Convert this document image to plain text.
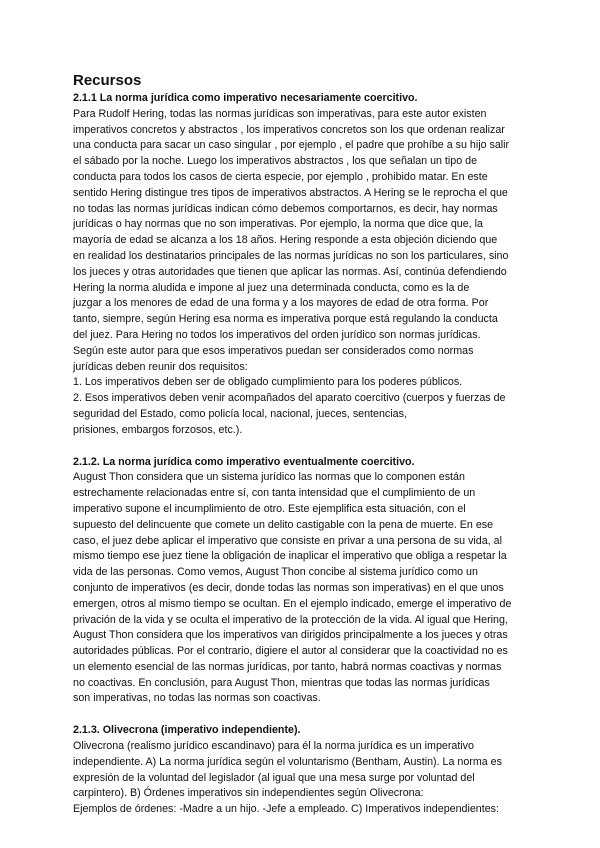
Recursos
2.1.1 La norma jurídica como imperativo necesariamente coercitivo.
Para Rudolf Hering, todas las normas jurídicas son imperativas, para este autor existen
imperativos concretos y abstractos , los imperativos concretos son los que ordenan realizar
una conducta para sacar un caso singular , por ejemplo , el padre que prohíbe a su hijo salir
el sábado por la noche. Luego los imperativos abstractos , los que señalan un tipo de
conducta para todos los casos de cierta especie, por ejemplo , prohibido matar. En este
sentido Hering distingue tres tipos de imperativos abstractos. A Hering se le reprocha el que
no todas las normas jurídicas indican cómo debemos comportarnos, es decir, hay normas
jurídicas o hay normas que no son imperativas. Por ejemplo, la norma que dice que, la
mayoría de edad se alcanza a los 18 años. Hering responde a esta objeción diciendo que
en realidad los destinatarios principales de las normas jurídicas no son los particulares, sino
los jueces y otras autoridades que tienen que aplicar las normas. Así, continúa defendiendo
Hering la norma aludida e impone al juez una determinada conducta, como es la de
juzgar a los menores de edad de una forma y a los mayores de edad de otra forma. Por
tanto, siempre, según Hering esa norma es imperativa porque está regulando la conducta
del juez. Para Hering no todos los imperativos del orden jurídico son normas jurídicas.
Según este autor para que esos imperativos puedan ser considerados como normas
jurídicas deben reunir dos requisitos:
1. Los imperativos deben ser de obligado cumplimiento para los poderes públicos.
2. Esos imperativos deben venir acompañados del aparato coercitivo (cuerpos y fuerzas de
seguridad del Estado, como policía local, nacional, jueces, sentencias,
prisiones, embargos forzosos, etc.).
2.1.2. La norma jurídica como imperativo eventualmente coercitivo.
August Thon considera que un sistema jurídico las normas que lo componen están
estrechamente relacionadas entre sí, con tanta intensidad que el cumplimiento de un
imperativo supone el incumplimiento de otro. Este ejemplifica esta situación, con el
supuesto del delincuente que comete un delito castigable con la pena de muerte. En ese
caso, el juez debe aplicar el imperativo que consiste en privar a una persona de su vida, al
mismo tiempo ese juez tiene la obligación de inaplicar el imperativo que obliga a respetar la
vida de las personas. Como vemos, August Thon concibe al sistema jurídico como un
conjunto de imperativos (es decir, donde todas las normas son imperativas) en el que unos
emergen, otros al mismo tiempo se ocultan. En el ejemplo indicado, emerge el imperativo de
privación de la vida y se oculta el imperativo de la protección de la vida. Al igual que Hering,
August Thon considera que los imperativos van dirigidos principalmente a los jueces y otras
autoridades públicas. Por el contrario, digiere el autor al considerar que la coactividad no es
un elemento esencial de las normas jurídicas, por tanto, habrá normas coactivas y normas
no coactivas. En conclusión, para August Thon, mientras que todas las normas jurídicas
son imperativas, no todas las normas son coactivas.
2.1.3. Olivecrona (imperativo independiente).
Olivecrona (realismo jurídico escandinavo) para él la norma jurídica es un imperativo
independiente. A) La norma jurídica según el voluntarismo (Bentham, Austin). La norma es
expresión de la voluntad del legislador (al igual que una mesa surge por voluntad del
carpintero). B) Órdenes imperativos sin independientes según Olivecrona:
Ejemplos de órdenes: -Madre a un hijo. -Jefe a empleado. C) Imperativos independientes:
